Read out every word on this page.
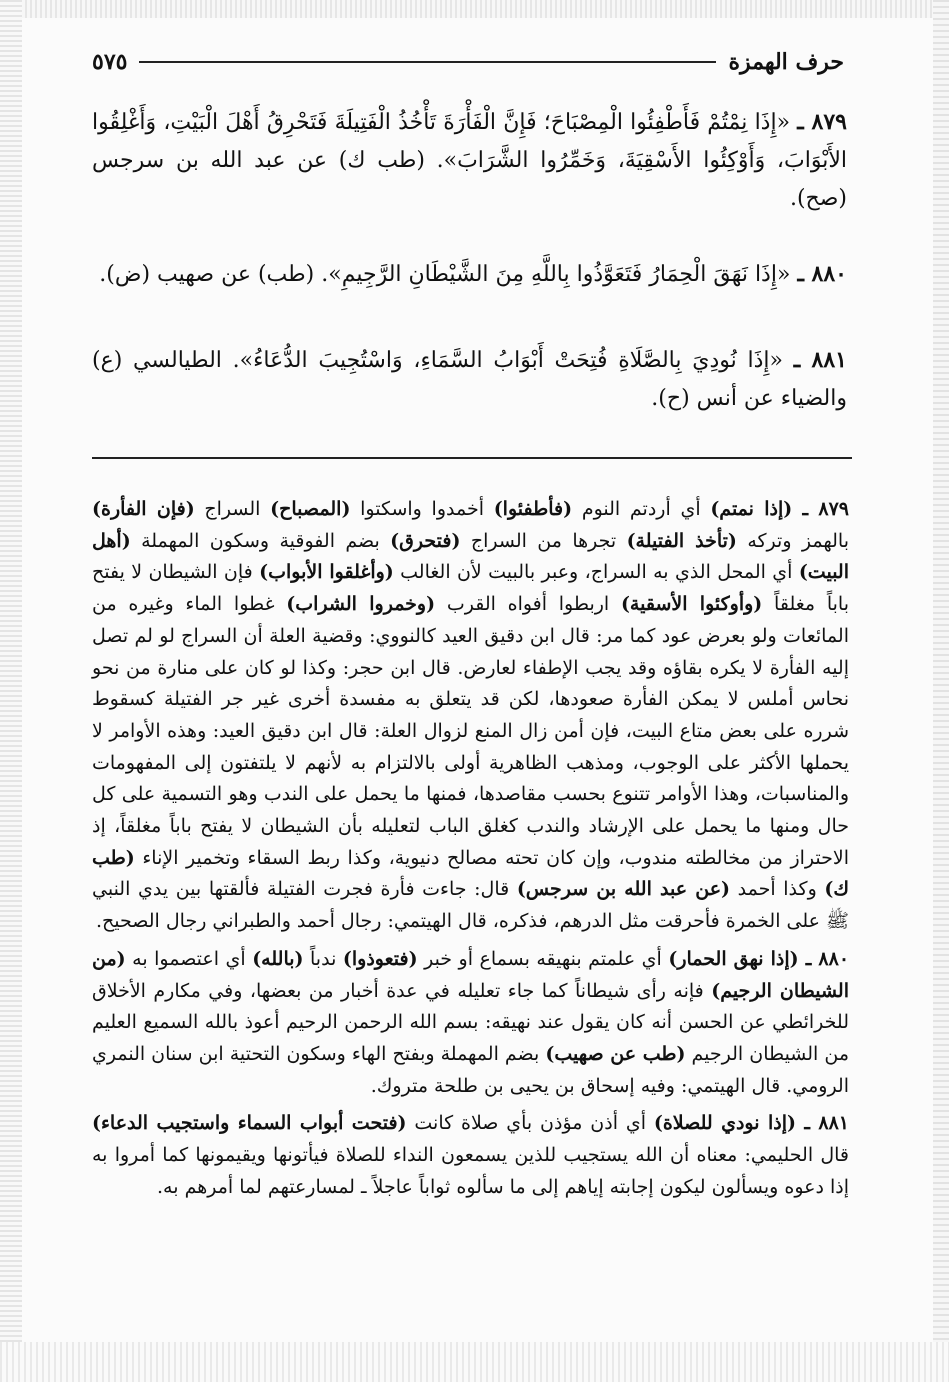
حرف الهمزة
٥٧٥
٨٧٩ ـ «إِذَا نِمْتُمْ فَأَطْفِئُوا الْمِصْبَاحَ؛ فَإِنَّ الْفَأْرَةَ تَأْخُذُ الْفَتِيلَةَ فَتَحْرِقُ أَهْلَ الْبَيْتِ، وَأَغْلِقُوا الأَبْوَابَ، وَأَوْكِئُوا الأَسْقِيَةَ، وَخَمِّرُوا الشَّرَابَ». (طب ك) عن عبد الله بن سرجس (صح).
٨٨٠ ـ «إِذَا نَهَقَ الْحِمَارُ فَتَعَوَّذُوا بِاللَّهِ مِنَ الشَّيْطَانِ الرَّجِيمِ». (طب) عن صهيب (ض).
٨٨١ ـ «إِذَا نُودِيَ بِالصَّلَاةِ فُتِحَتْ أَبْوَابُ السَّمَاءِ، وَاسْتُجِيبَ الدُّعَاءُ». الطيالسي (ع) والضياء عن أنس (ح).

٨٧٩ ـ (إذا نمتم) أي أردتم النوم (فأطفئوا) أخمدوا واسكتوا (المصباح) السراج (فإن الفأرة) بالهمز وتركه (تأخذ الفتيلة) تجرها من السراج (فتحرق) بضم الفوقية وسكون المهملة (أهل البيت) أي المحل الذي به السراج، وعبر بالبيت لأن الغالب (وأغلقوا الأبواب) فإن الشيطان لا يفتح باباً مغلقاً (وأوكئوا الأسقية) اربطوا أفواه القرب (وخمروا الشراب) غطوا الماء وغيره من المائعات ولو بعرض عود كما مر: قال ابن دقيق العيد كالنووي: وقضية العلة أن السراج لو لم تصل إليه الفأرة لا يكره بقاؤه وقد يجب الإطفاء لعارض. قال ابن حجر: وكذا لو كان على منارة من نحو نحاس أملس لا يمكن الفأرة صعودها، لكن قد يتعلق به مفسدة أخرى غير جر الفتيلة كسقوط شرره على بعض متاع البيت، فإن أمن زال المنع لزوال العلة: قال ابن دقيق العيد: وهذه الأوامر لا يحملها الأكثر على الوجوب، ومذهب الظاهرية أولى بالالتزام به لأنهم لا يلتفتون إلى المفهومات والمناسبات، وهذا الأوامر تتنوع بحسب مقاصدها، فمنها ما يحمل على الندب وهو التسمية على كل حال ومنها ما يحمل على الإرشاد والندب كغلق الباب لتعليله بأن الشيطان لا يفتح باباً مغلقاً، إذ الاحتراز من مخالطته مندوب، وإن كان تحته مصالح دنيوية، وكذا ربط السقاء وتخمير الإناء (طب ك) وكذا أحمد (عن عبد الله بن سرجس) قال: جاءت فأرة فجرت الفتيلة فألقتها بين يدي النبي ﷺ على الخمرة فأحرقت مثل الدرهم، فذكره، قال الهيتمي: رجال أحمد والطبراني رجال الصحيح.

٨٨٠ ـ (إذا نهق الحمار) أي علمتم بنهيقه بسماع أو خبر (فتعوذوا) ندباً (بالله) أي اعتصموا به (من الشيطان الرجيم) فإنه رأى شيطاناً كما جاء تعليله في عدة أخبار من بعضها، وفي مكارم الأخلاق للخرائطي عن الحسن أنه كان يقول عند نهيقه: بسم الله الرحمن الرحيم أعوذ بالله السميع العليم من الشيطان الرجيم (طب عن صهيب) بضم المهملة وبفتح الهاء وسكون التحتية ابن سنان النمري الرومي. قال الهيتمي: وفيه إسحاق بن يحيى بن طلحة متروك.

٨٨١ ـ (إذا نودي للصلاة) أي أذن مؤذن بأي صلاة كانت (فتحت أبواب السماء واستجيب الدعاء) قال الحليمي: معناه أن الله يستجيب للذين يسمعون النداء للصلاة فيأتونها ويقيمونها كما أمروا به إذا دعوه ويسألون ليكون إجابته إياهم إلى ما سألوه ثواباً عاجلاً ـ لمسارعتهم لما أمرهم به.
